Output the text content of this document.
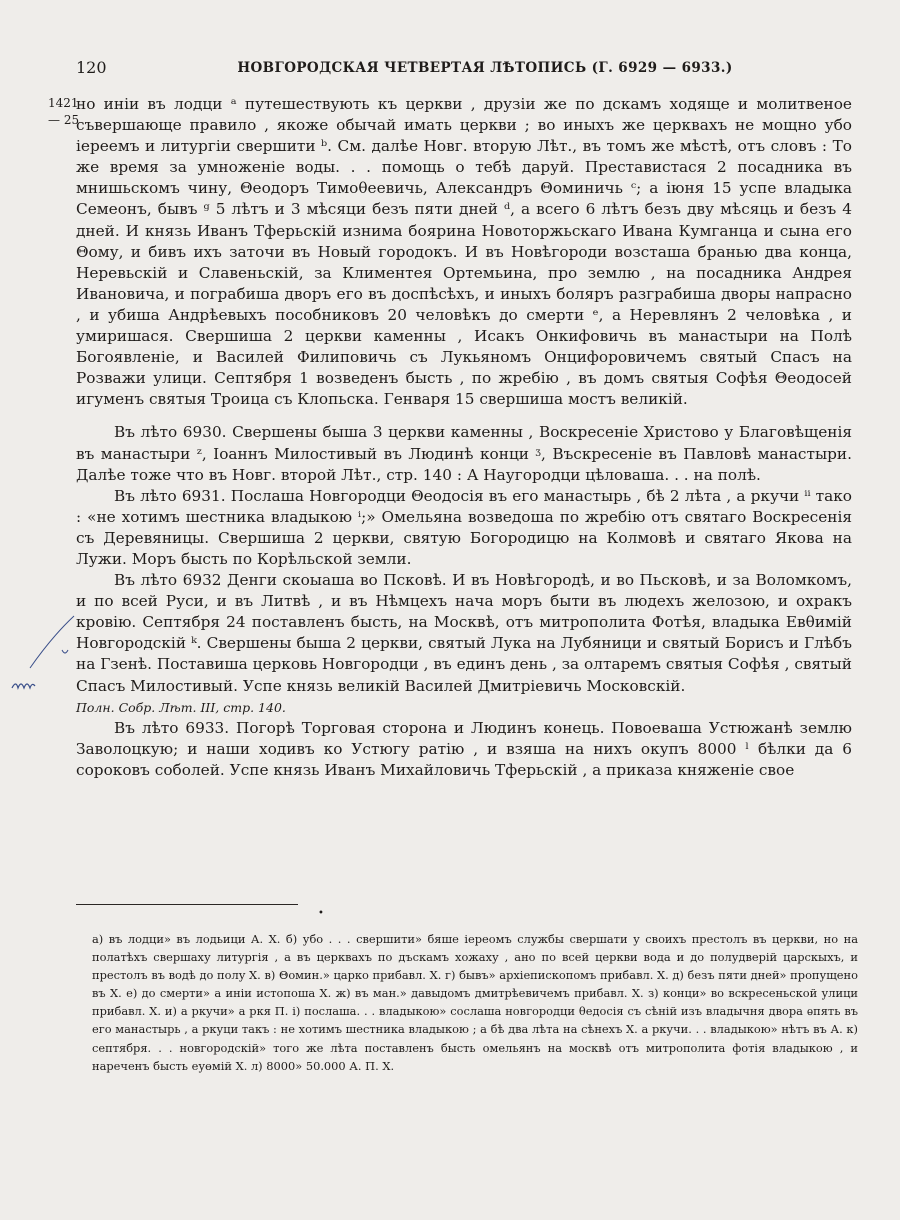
120	НОВГОРОДСКАЯ ЧЕТВЕРТАЯ ЛѢТОПИСЬ (Г. 6929 — 6933.)
1421
— 25

но инiи въ лодци ᵃ путешествують къ церкви , друзiи же по дскамъ ходяще и молитвеное съвершающе правило , якоже обычай имать церкви ; во иныхъ же церквахъ не мощно убо iереемъ и литургiи свершити ᵇ. См. далѣе Новг. вторую Лѣт., въ томъ же мѣстѣ, отъ словъ : То же время за умноженiе воды. . . помощь о тебѣ дaруй. Преставистася 2 посадника въ мнишьскомъ чину, Θеодоръ Тимоθеевичь, Александръ Θоминичь ᶜ; а iюня 15 успе владыка Семеонъ, бывъ ᵍ 5 лѣтъ и 3 мѣсяци безъ пяти дней ᵈ, а всего 6 лѣтъ безъ дву мѣсяць и безъ 4 дней. И князь Иванъ Тферьскiй изнима боярина Новоторжьскаго Ивана Кумганца и сына его Θому, и бивъ ихъ заточи въ Новый городокъ. И въ Новѣгороди возсташа бранью два конца, Неревьскiй и Славеньскiй, за Климентея Ортемьина, про землю , на посадника Андрея Ивановича, и пограбиша дворъ его въ доспѣсѣхъ, и иныхъ боляръ разграбиша дворы напрасно , и убиша Андрѣевыхъ пособниковъ 20 человѣкъ до смерти ᵉ, а Неревлянъ 2 человѣка , и умиришася. Свершиша 2 церкви каменны , Исакъ Онкифовичь въ манастыри на Полѣ Богоявленiе, и Василей Филиповичь съ Лукьяномъ Онцифоровичемъ святый Спасъ на Розважи улици. Септября 1 возведенъ бысть , по жребiю , въ домъ святыя Софѣя Θеодосей игуменъ святыя Троица съ Клопьска. Генваря 15 свершиша мостъ великiй.

Въ лѣто 6930. Свершены быша 3 церкви каменны , Воскресенiе Христово у Благовѣщенiя въ манастыри ᶻ, Iоаннъ Милостивый въ Людинѣ конци ᶾ, Въскресенiе въ Павловѣ манастыри. Далѣе тоже что въ Новг. второй Лѣт., стр. 140 : А Наугородци цѣловаша. . . на полѣ.

Въ лѣто 6931. Послаша Новгородци Θеодосiя въ его манастырь , бѣ 2 лѣта , а ркучи ⁱⁱ тако : «не хотимъ шестника владыкою ⁱ;» Омельяна возведоша по жребiю отъ святаго Воскресенiя съ Деревяницы. Свершиша 2 церкви, святую Богородицю на Колмовѣ и святаго Якова на Лужи. Моръ бысть по Корѣльской земли.

Въ лѣто 6932 Денги скоыаша во Псковѣ. И въ Новѣгородѣ, и во Пьсковѣ, и за Воломкомъ, и по всей Руси, и въ Литвѣ , и въ Нѣмцехъ нача моръ быти въ людехъ желозою, и охракъ кровiю. Септября 24 поставленъ бысть, на Москвѣ, отъ митрополита Фотѣя, владыка Евθимiй Новгородскiй ᵏ. Свершены быша 2 церкви, святый Лука на Лубяници и святый Борисъ и Глѣбъ на Гзенѣ. Поставиша церковь Новгородци , въ единъ день , за олтаремъ святыя Софѣя , святый Спасъ Милостивый. Успе князь великiй Василей Дмитрiевичь Московскiй.

Полн. Собр. Лѣт. III, стр. 140.

Въ лѣто 6933. Погорѣ Торговая сторона и Людинъ конець. Повоеваша Устюжанѣ землю Заволоцкую; и наши ходивъ ко Устюгу ратiю , и взяша на нихъ окупъ 8000 ˡ бѣлки да 6 сороковъ соболей. Успе князь Иванъ Михайловичь Тферьскiй , а приказа княженiе свое

•

а) въ лодци» въ лодьици А. Х. б) убо . . . свершити» бяше iереомъ службы свершати у своихъ престолъ въ церкви, но на полатѣхъ свершаху литургiя , а въ церквахъ по дъскамъ хожаху , ано по всей церкви вода и до полудверiй царскыхъ, и престолъ въ водѣ до полу Х. в) Θомин.» царко прибавл. Х. г) бывъ» архiепископомъ прибавл. Х. д) безъ пяти дней» пропущено въ Х. е) до смерти» а инiи истопоша Х. ж) въ ман.» давыдомъ дмитрѣевичемъ прибавл. Х. з) конци» во вскресеньской улици прибавл. Х. и) а ркучи» а ркя П. i) послаша. . . владыкою» сослаша новгородци θедосiя съ сѣнiй изъ владычня двора ѳпять въ его манастырь , а ркуци такъ : не хотимъ шестника владыкою ; а бѣ два лѣта на сѣнехъ Х. а ркучи. . . владыкою» нѣтъ въ А. к) септября. . . новгородскiй» того же лѣта поставленъ бысть омельянъ на москвѣ отъ митрополита фотiя владыкою , и нареченъ бысть еуөмiй Х. л) 8000» 50.000 А. П. Х.
